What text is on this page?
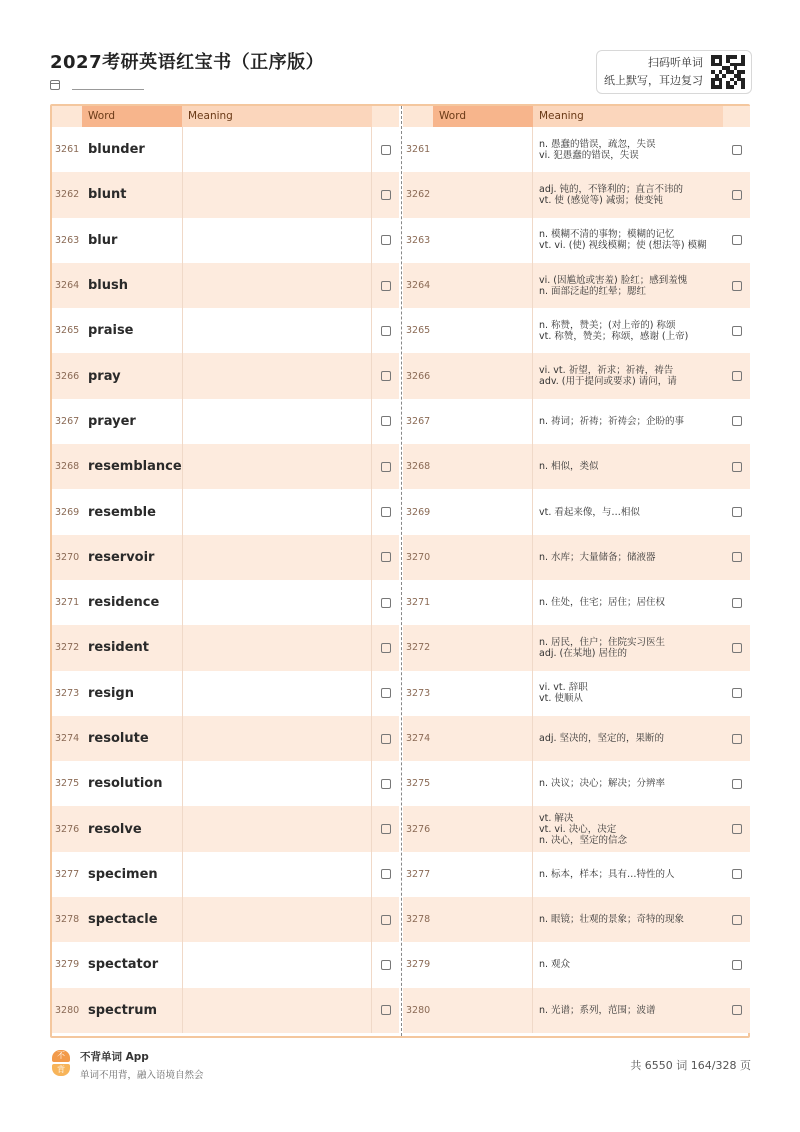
2027考研英语红宝书（正序版）	扫码听单词
纸上默写，耳边复习
Word	Meaning
3261 blunder
3262 blunt
3263 blur
3264 blush
3265 praise
3266 pray
3267 prayer
3268 resemblance
3269 resemble
3270 reservoir
3271 residence
3272 resident
3273 resign
3274 resolute
3275 resolution
3276 resolve
3277 specimen
3278 spectacle
3279 spectator
3280 spectrum
Word	Meaning
3261	n. 愚蠢的错误，疏忽，失误
vi. 犯愚蠢的错误，失误
3262	adj. 钝的，不锋利的；直言不讳的
vt. 使 (感觉等) 减弱；使变钝
3263	n. 模糊不清的事物；模糊的记忆
vt. vi. (使) 视线模糊；使 (想法等) 模糊
3264	vi. (因尴尬或害羞) 脸红；感到羞愧
n. 面部泛起的红晕；腮红
3265	n. 称赞，赞美；(对上帝的) 称颂
vt. 称赞，赞美；称颂，感谢 (上帝)
3266	vi. vt. 祈望，祈求；祈祷，祷告
adv. (用于提问或要求) 请问，请
3267	n. 祷词；祈祷；祈祷会；企盼的事
3268	n. 相似，类似
3269	vt. 看起来像，与…相似
3270	n. 水库；大量储备；储液器
3271	n. 住处，住宅；居住；居住权
3272	n. 居民，住户；住院实习医生
adj. (在某地) 居住的
3273	vi. vt. 辞职
vt. 使顺从
3274	adj. 坚决的，坚定的，果断的
3275	n. 决议；决心；解决；分辨率
3276
vt. 解决
vt. vi. 决心，决定
n. 决心，坚定的信念
3277	n. 标本，样本；具有…特性的人
3278	n. 眼镜；壮观的景象；奇特的现象
3279	n. 观众
3280	n. 光谱；系列，范围；波谱
不
背
不背单词 App
单词不用背，融入语境自然会
共 6550 词 164/328 页
